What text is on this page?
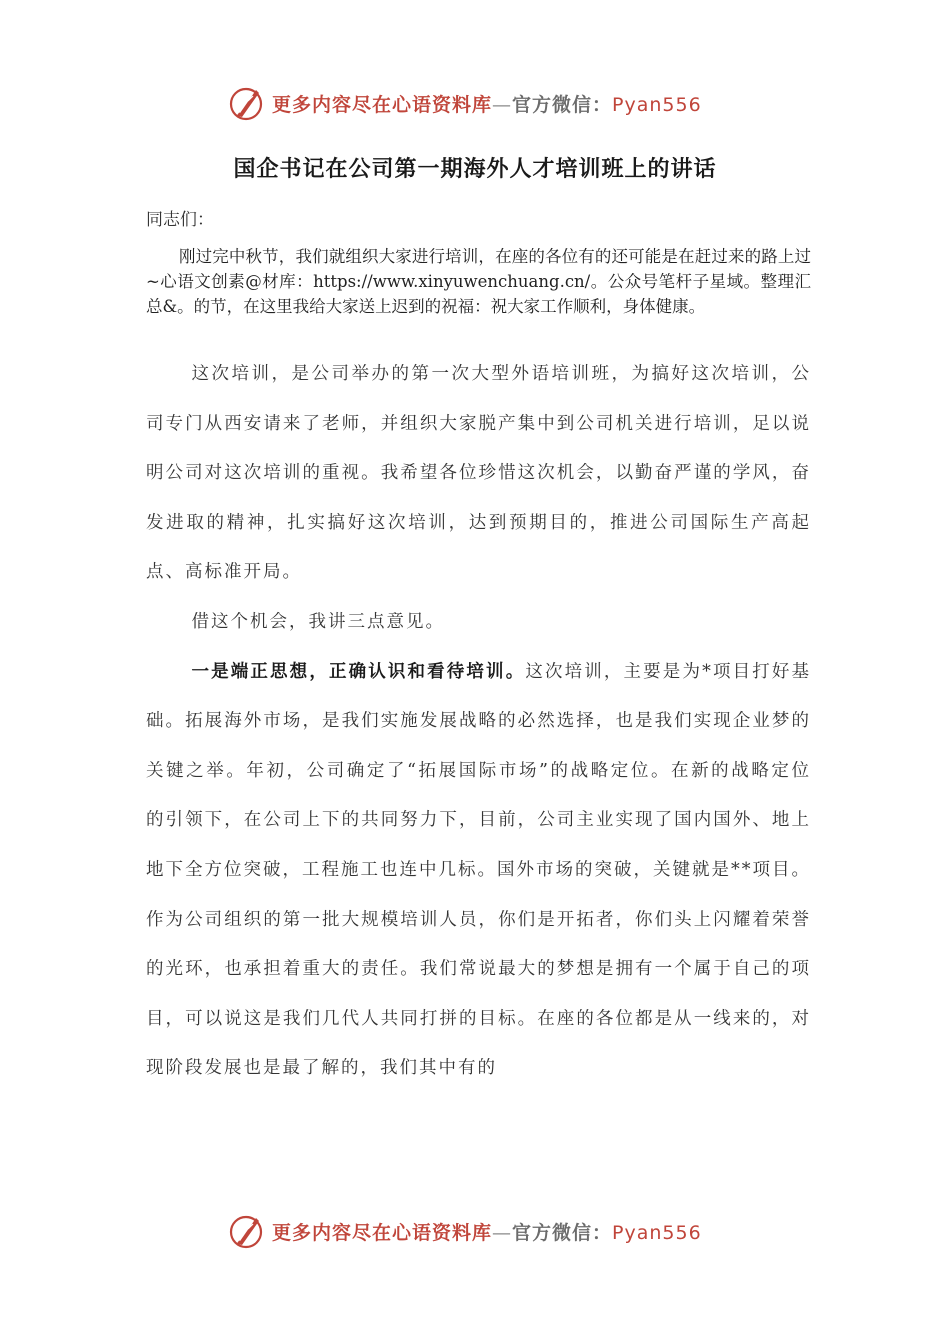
更多内容尽在心语资料库—官方微信：Pyan556
国企书记在公司第一期海外人才培训班上的讲话
同志们：
刚过完中秋节，我们就组织大家进行培训，在座的各位有的还可能是在赶过来的路上过~心语文创素@材库：https://www.xinyuwenchuang.cn/。公众号笔杆子星域。整理汇总&。的节，在这里我给大家送上迟到的祝福：祝大家工作顺利，身体健康。

这次培训，是公司举办的第一次大型外语培训班，为搞好这次培训，公司专门从西安请来了老师，并组织大家脱产集中到公司机关进行培训，足以说明公司对这次培训的重视。我希望各位珍惜这次机会，以勤奋严谨的学风，奋发进取的精神，扎实搞好这次培训，达到预期目的，推进公司国际生产高起点、高标准开局。

借这个机会，我讲三点意见。

一是端正思想，正确认识和看待培训。这次培训，主要是为*项目打好基础。拓展海外市场，是我们实施发展战略的必然选择，也是我们实现企业梦的关键之举。年初，公司确定了“拓展国际市场”的战略定位。在新的战略定位的引领下，在公司上下的共同努力下，目前，公司主业实现了国内国外、地上地下全方位突破，工程施工也连中几标。国外市场的突破，关键就是**项目。作为公司组织的第一批大规模培训人员，你们是开拓者，你们头上闪耀着荣誉的光环，也承担着重大的责任。我们常说最大的梦想是拥有一个属于自己的项目，可以说这是我们几代人共同打拼的目标。在座的各位都是从一线来的，对现阶段发展也是最了解的，我们其中有的

更多内容尽在心语资料库—官方微信：Pyan556
